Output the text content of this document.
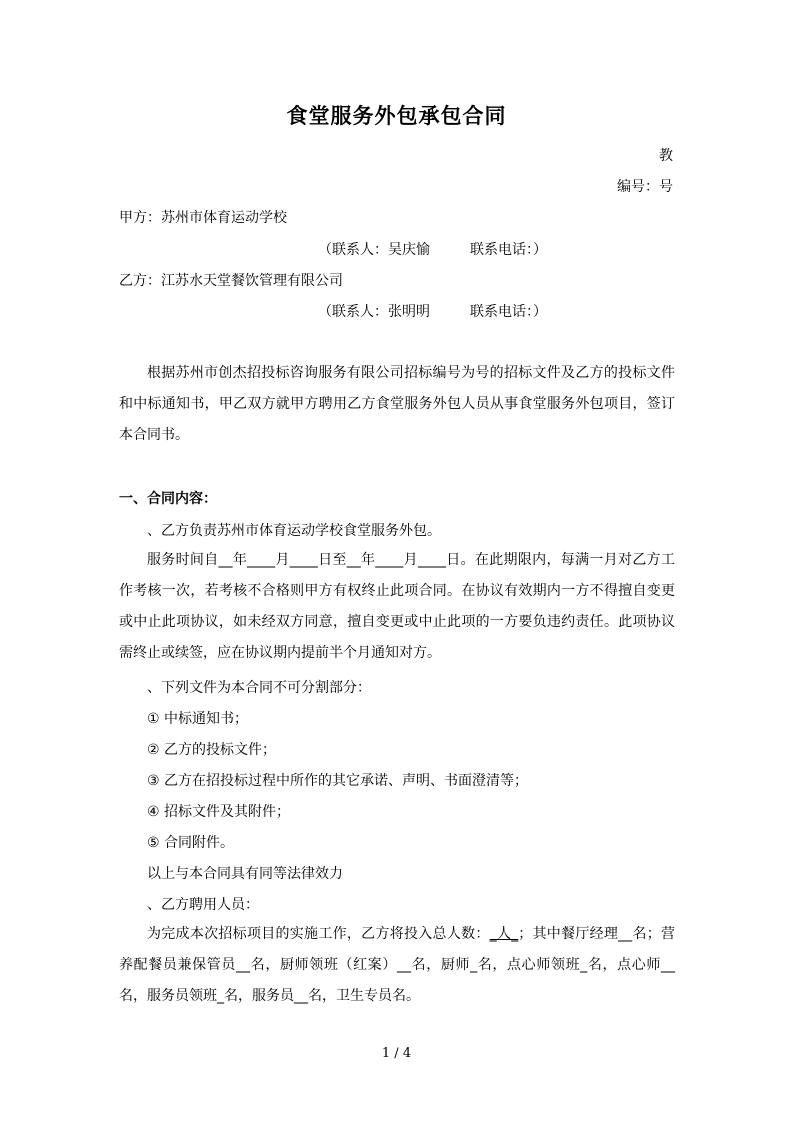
食堂服务外包承包合同
教
编号：号
甲方：苏州市体育运动学校
（联系人：吴庆愉	联系电话：）
乙方：江苏水天堂餐饮管理有限公司
（联系人：张明明	联系电话：）
根据苏州市创杰招投标咨询服务有限公司招标编号为号的招标文件及乙方的投标文件和中标通知书，甲乙双方就甲方聘用乙方食堂服务外包人员从事食堂服务外包项目，签订本合同书。
一、合同内容：
、乙方负责苏州市体育运动学校食堂服务外包。
服务时间自__年____月____日至__年____月____日。在此期限内，每满一月对乙方工作考核一次，若考核不合格则甲方有权终止此项合同。在协议有效期内一方不得擅自变更或中止此项协议，如未经双方同意，擅自变更或中止此项的一方要负违约责任。此项协议需终止或续签，应在协议期内提前半个月通知对方。
、下列文件为本合同不可分割部分：
① 中标通知书；
② 乙方的投标文件；
③ 乙方在招投标过程中所作的其它承诺、声明、书面澄清等；
④ 招标文件及其附件；
⑤ 合同附件。
以上与本合同具有同等法律效力
、乙方聘用人员：
为完成本次招标项目的实施工作，乙方将投入总人数：_人_；其中餐厅经理__名；营养配餐员兼保管员__名，厨师领班（红案）__名，厨师_名，点心师领班_名，点心师__名，服务员领班_名，服务员__名，卫生专员名。
1 / 4
